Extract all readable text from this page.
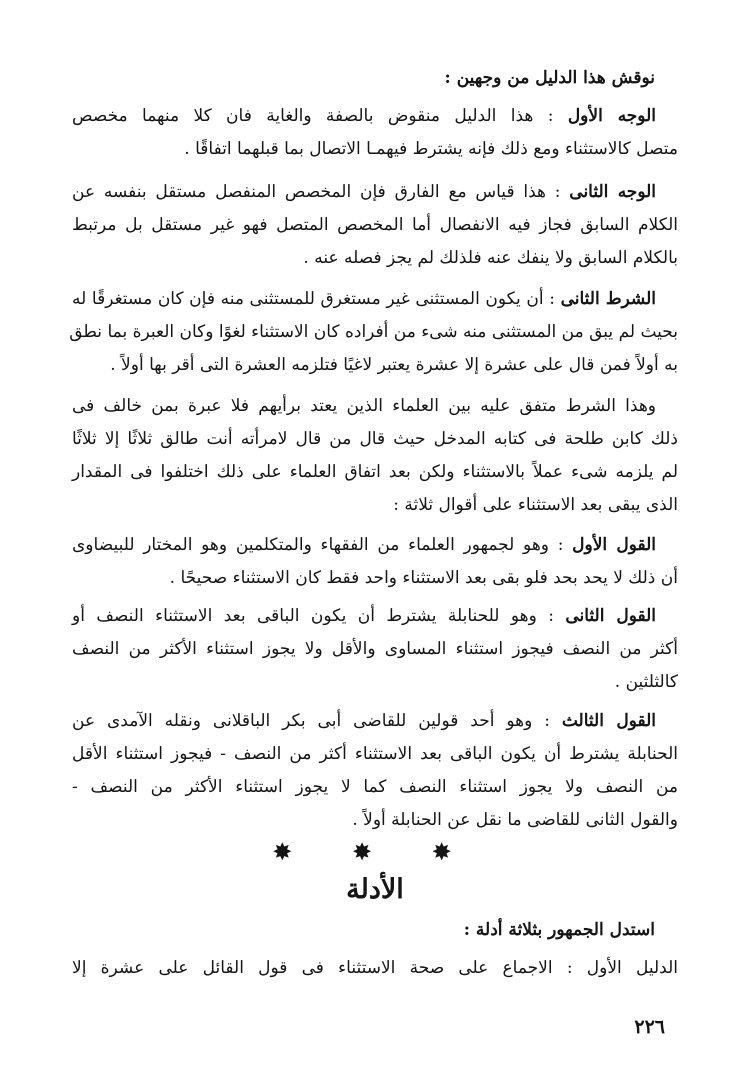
نوقش هذا الدليل من وجهين :
الوجه الأول : هذا الدليل منقوض بالصفة والغاية فان كلا منهما مخصص
متصل كالاستثناء ومع ذلك فإنه يشترط فيهمـا الاتصال بما قبلهما اتفاقًا .
الوجه الثانى : هذا قياس مع الفارق فإن المخصص المنفصل مستقل بنفسه عن
الكلام السابق فجاز فيه الانفصال أما المخصص المتصل فهو غير مستقل بل مرتبط
بالكلام السابق ولا ينفك عنه فلذلك لم يجز فصله عنه .
الشرط الثانى : أن يكون المستثنى غير مستغرق للمستثنى منه فإن كان مستغرقًا له
بحيث لم يبق من المستثنى منه شىء من أفراده كان الاستثناء لغوًا وكان العبرة بما نطق
به أولاً فمن قال على عشرة إلا عشرة يعتبر لاغيًا فتلزمه العشرة التى أقر بها أولاً .
وهذا الشرط متفق عليه بين العلماء الذين يعتد برأيهم فلا عبرة بمن خالف فى
ذلك كابن طلحة فى كتابه المدخل حيث قال من قال لامرأته أنت طالق ثلاثًا إلا ثلاثًا
لم يلزمه شىء عملاً بالاستثناء ولكن بعد اتفاق العلماء على ذلك اختلفوا فى المقدار
الذى يبقى بعد الاستثناء على أقوال ثلاثة :
القول الأول : وهو لجمهور العلماء من الفقهاء والمتكلمين وهو المختار للبيضاوى
أن ذلك لا يحد بحد فلو بقى بعد الاستثناء واحد فقط كان الاستثناء صحيحًا .
القول الثانى : وهو للحنابلة يشترط أن يكون الباقى بعد الاستثناء النصف أو
أكثر من النصف فيجوز استثناء المساوى والأقل ولا يجوز استثناء الأكثر من النصف
كالثلثين .
القول الثالث : وهو أحد قولين للقاضى أبى بكر الباقلانى ونقله الآمدى عن
الحنابلة يشترط أن يكون الباقى بعد الاستثناء أكثر من النصف - فيجوز استثناء الأقل
من النصف ولا يجوز استثناء النصف كما لا يجوز استثناء الأكثر من النصف -
والقول الثانى للقاضى ما نقل عن الحنابلة أولاً .
✸ ✸ ✸
الأدلة
استدل الجمهور بثلاثة أدلة :
الدليل الأول : الاجماع على صحة الاستثناء فى قول القائل على عشرة إلا
٢٢٦
